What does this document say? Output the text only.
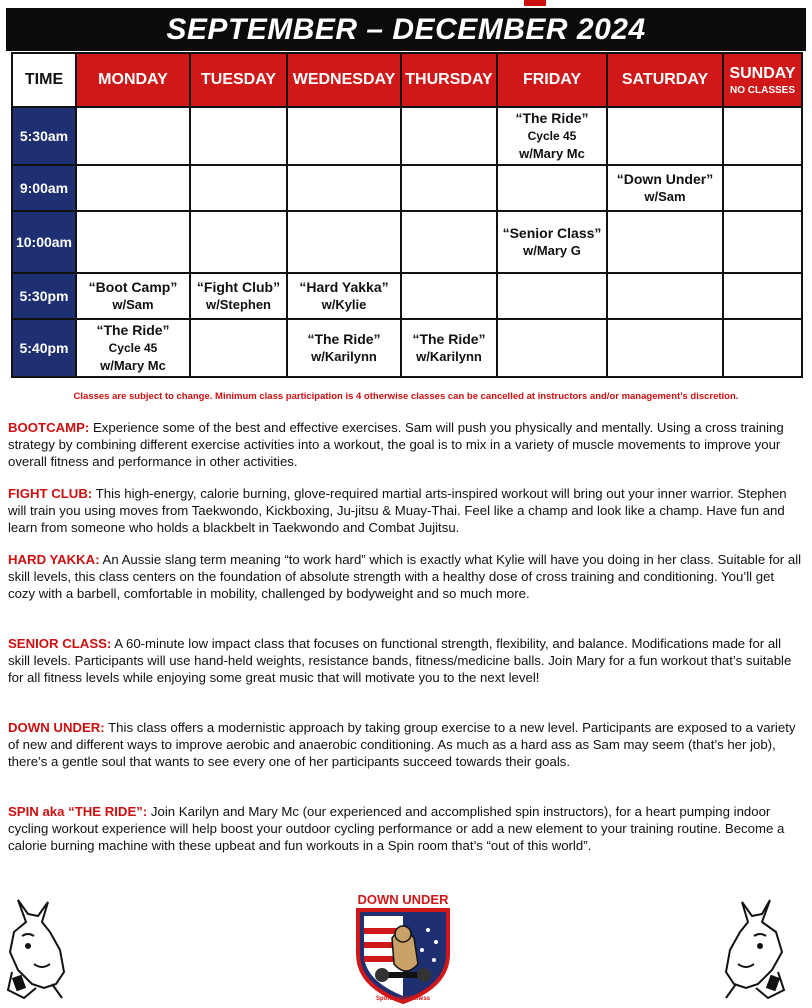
SEPTEMBER – DECEMBER 2024
TIME	MONDAY	TUESDAY	WEDNESDAY	THURSDAY	FRIDAY	SATURDAY	SUNDAY
NO CLASSES

5:30am					“The Ride”
Cycle 45
w/Mary Mc		

9:00am						“Down Under”
w/Sam	

10:00am					“Senior Class”
w/Mary G		

5:30pm	“Boot Camp”
w/Sam	“Fight Club”
w/Stephen	“Hard Yakka”
w/Kylie				

5:40pm	“The Ride”
Cycle 45
w/Mary Mc		“The Ride”
w/Karilynn	“The Ride”
w/Karilynn			

Classes are subject to change. Minimum class participation is 4 otherwise classes can be cancelled at instructors and/or management’s discretion.

BOOTCAMP: Experience some of the best and effective exercises. Sam will push you physically and mentally. Using a cross training strategy by combining different exercise activities into a workout, the goal is to mix in a variety of muscle movements to improve your overall fitness and performance in other activities.

FIGHT CLUB: This high-energy, calorie burning, glove-required martial arts-inspired workout will bring out your inner warrior. Stephen will train you using moves from Taekwondo, Kickboxing, Ju-jitsu & Muay-Thai. Feel like a champ and look like a champ. Have fun and learn from someone who holds a blackbelt in Taekwondo and Combat Jujitsu.

HARD YAKKA: An Aussie slang term meaning “to work hard” which is exactly what Kylie will have you doing in her class. Suitable for all skill levels, this class centers on the foundation of absolute strength with a healthy dose of cross training and conditioning. You’ll get cozy with a barbell, comfortable in mobility, challenged by bodyweight and so much more.

SENIOR CLASS: A 60-minute low impact class that focuses on functional strength, flexibility, and balance. Modifications made for all skill levels. Participants will use hand-held weights, resistance bands, fitness/medicine balls. Join Mary for a fun workout that’s suitable for all fitness levels while enjoying some great music that will motivate you to the next level!

DOWN UNDER: This class offers a modernistic approach by taking group exercise to a new level. Participants are exposed to a variety of new and different ways to improve aerobic and anaerobic conditioning. As much as a hard ass as Sam may seem (that’s her job), there’s a gentle soul that wants to see every one of her participants succeed towards their goals.

SPIN aka “THE RIDE”: Join Karilyn and Mary Mc (our experienced and accomplished spin instructors), for a heart pumping indoor cycling workout experience will help boost your outdoor cycling performance or add a new element to your training routine. Become a calorie burning machine with these upbeat and fun workouts in a Spin room that’s “out of this world”.

DOWN UNDER
Sports and Fitness
